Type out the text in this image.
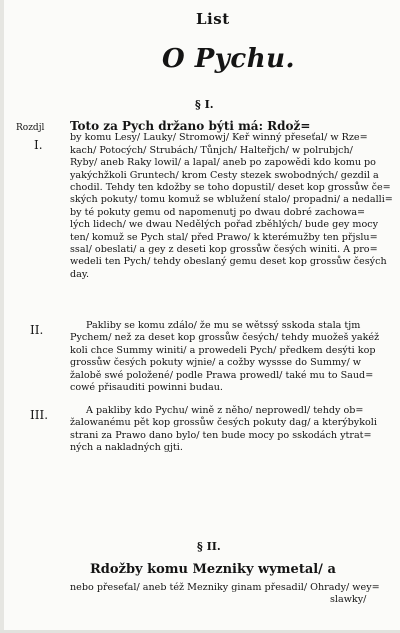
List
O Pychu.
§ I.
Rozdjl
I.
Toto za Pych držano býti má: Rdož=
by komu Lesy/ Lauky/ Stromowj/ Keř winný přeseťal/ w Rze=
kach/ Potocých/ Strubách/ Tůnjch/ Halteřjch/ w polrubjch/
Ryby/ aneb Raky lowil/ a lapal/ aneb po zapowědi kdo komu po
yakýchžkoli Gruntech/ krom Cesty stezek swobodných/ gezdil a
chodil. Tehdy ten kdožby se toho dopustil/ deset kop grossůw če=
ských pokuty/ tomu komuž se wblužení stalo/ propadni/ a nedalli=
by té pokuty gemu od napomenutj po dwau dobré zachowa=
lých lidech/ we dwau Nedělých pořad zběhlých/ bude gey mocy
ten/ komuž se Pych stal/ před Prawo/ k kterémužby ten přjslu=
ssal/ obeslati/ a gey z deseti kop grossůw česých winiti. A pro=
wedeli ten Pych/ tehdy obeslaný gemu deset kop grossůw česých
day.
II.	Pakliby se komu zdálo/ že mu se wětssý sskoda stala tjm
Pychem/ než za deset kop grossůw česých/ tehdy muožeš yakéž
koli chce Summy winiti/ a prowedeli Pych/ předkem desýti kop
grossůw česých pokuty wjnie/ a cožby wyssse do Summy/ w
žalobě swé položené/ podle Prawa prowedl/ také mu to Saud=
cowé přisauditi powinni budau.
III.	A pakliby kdo Pychu/ wině z něho/ neprowedl/ tehdy ob=
žalowanému pět kop grossůw česých pokuty dag/ a kterýbykoli
strani za Prawo dano bylo/ ten bude mocy po sskodách ytrat=
ných a nakladných gjti.
§ II.
Rdožby komu Mezniky wymetal/ a
nebo přeseťal/ aneb též Mezniky ginam přesadil/ Ohrady/ wey=
slawky/
